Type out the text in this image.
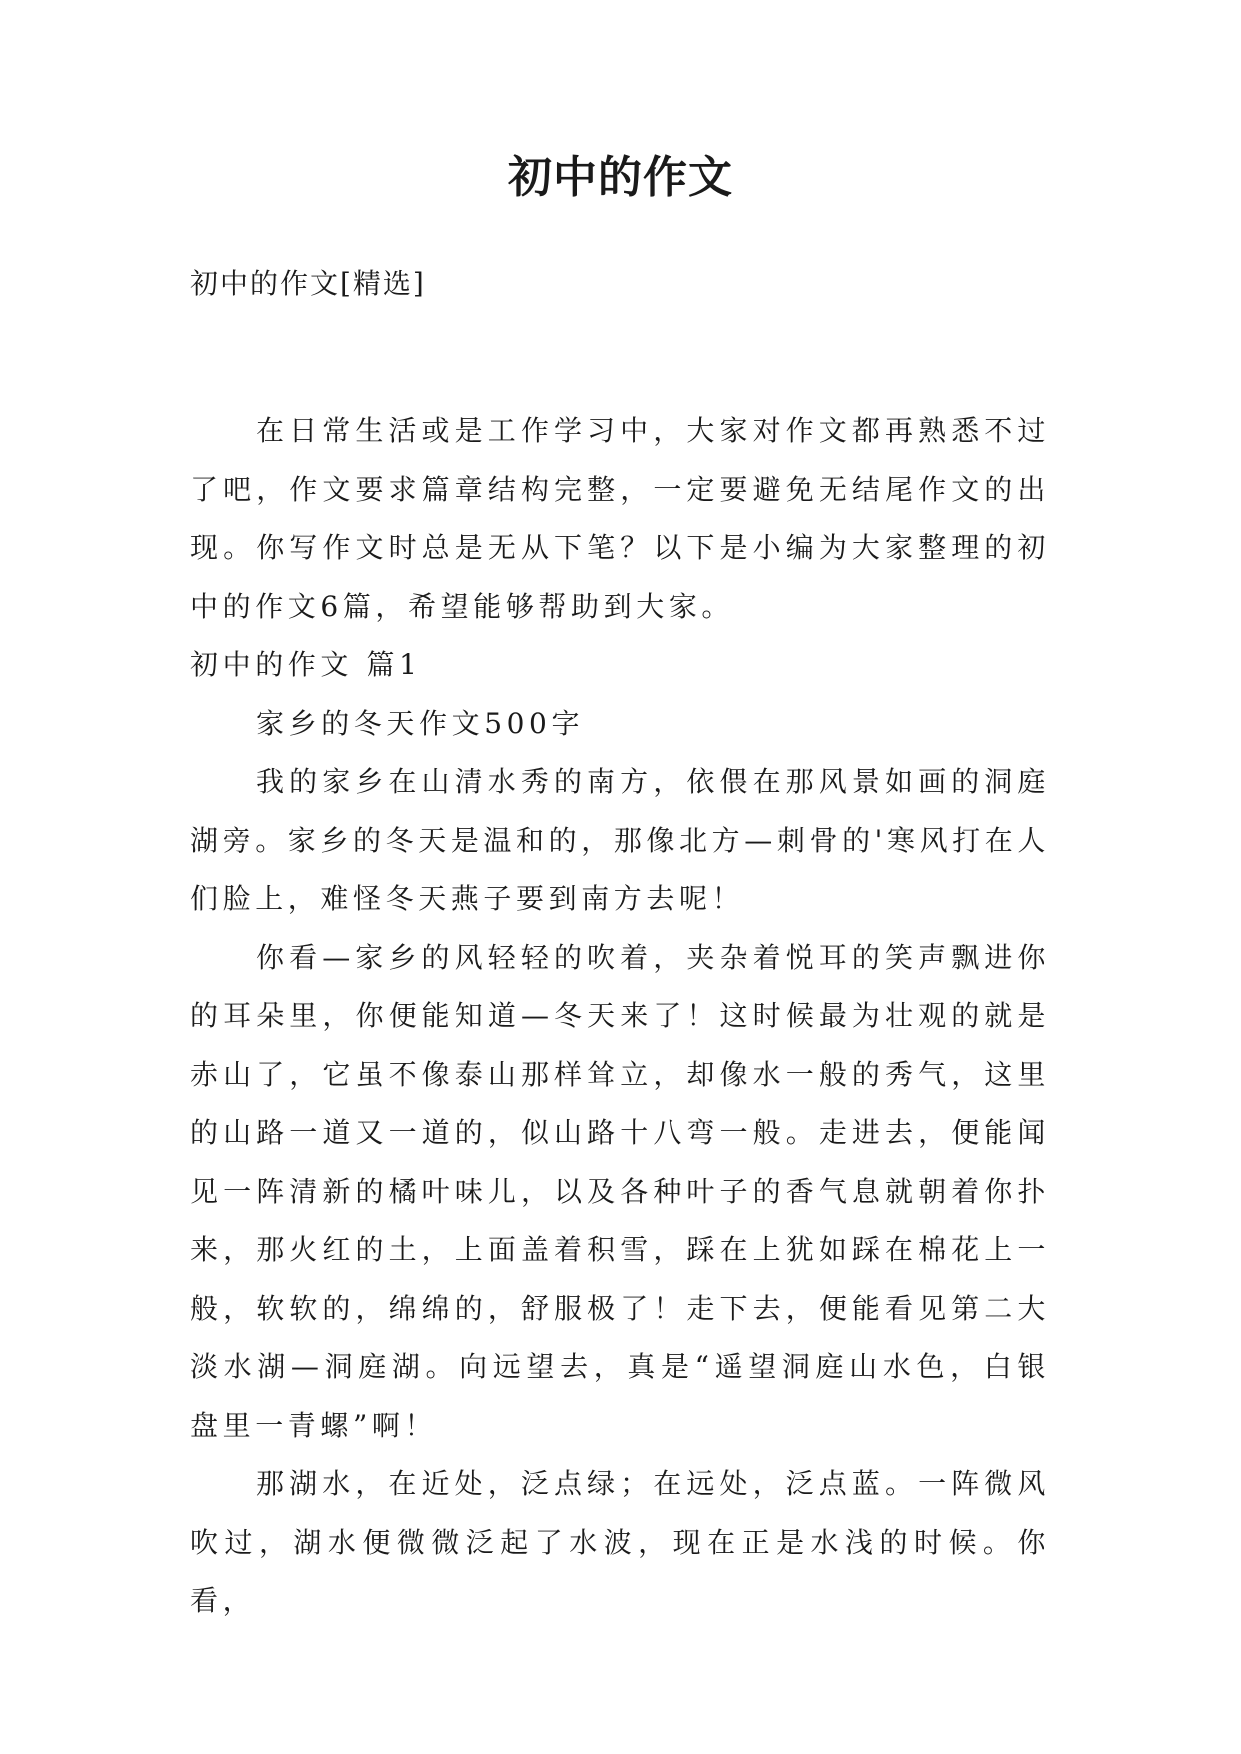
初中的作文
初中的作文[精选]

在日常生活或是工作学习中，大家对作文都再熟悉不过了吧，作文要求篇章结构完整，一定要避免无结尾作文的出现。你写作文时总是无从下笔？以下是小编为大家整理的初中的作文6篇，希望能够帮助到大家。

初中的作文 篇1

家乡的冬天作文500字

我的家乡在山清水秀的南方，依偎在那风景如画的洞庭湖旁。家乡的冬天是温和的，那像北方—刺骨的'寒风打在人们脸上，难怪冬天燕子要到南方去呢！

你看—家乡的风轻轻的吹着，夹杂着悦耳的笑声飘进你的耳朵里，你便能知道—冬天来了！这时候最为壮观的就是赤山了，它虽不像泰山那样耸立，却像水一般的秀气，这里的山路一道又一道的，似山路十八弯一般。走进去，便能闻见一阵清新的橘叶味儿，以及各种叶子的香气息就朝着你扑来，那火红的土，上面盖着积雪，踩在上犹如踩在棉花上一般，软软的，绵绵的，舒服极了！走下去，便能看见第二大淡水湖—洞庭湖。向远望去，真是“遥望洞庭山水色，白银盘里一青螺”啊！

那湖水，在近处，泛点绿；在远处，泛点蓝。一阵微风吹过，湖水便微微泛起了水波，现在正是水浅的时候。你看，
